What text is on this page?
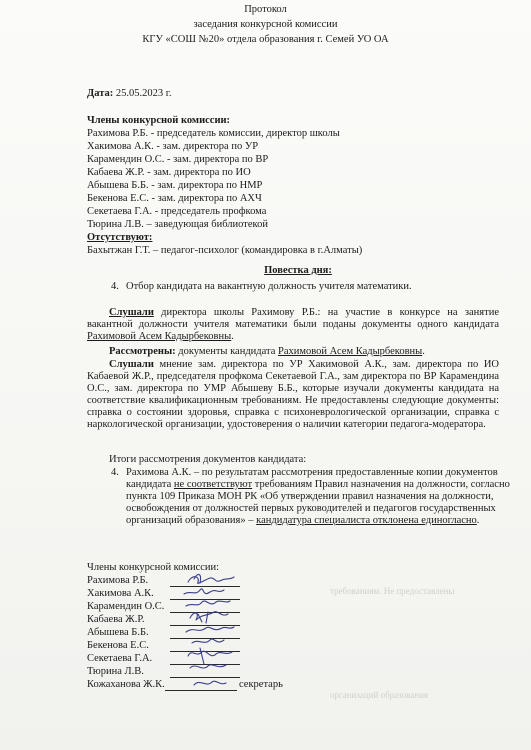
Протокол
заседания конкурсной комиссии
КГУ «СОШ №20» отдела образования г. Семей УО ОА
Дата: 25.05.2023 г.
Члены конкурсной комиссии:
Рахимова Р.Б. - председатель комиссии, директор школы
Хакимова А.К. - зам. директора по УР
Карамендин О.С. - зам. директора по ВР
Кабаева Ж.Р. - зам. директора по ИО
Абышева Б.Б. - зам. директора по НМР
Бекенова Е.С. - зам. директора по АХЧ
Секетаева Г.А. - председатель профкома
Тюрина Л.В. – заведующая библиотекой
Отсутствуют:
Бахытжан Г.Т. – педагог-психолог (командировка в г.Алматы)
Повестка дня:
4. Отбор кандидата на вакантную должность учителя математики.
Слушали директора школы Рахимову Р.Б.: на участие в конкурсе на занятие вакантной должности учителя математики были поданы документы одного кандидата Рахимовой Асем Кадырбековны.
Рассмотрены: документы кандидата Рахимовой Асем Кадырбековны.
Слушали мнение зам. директора по УР Хакимовой А.К., зам. директора по ИО Кабаевой Ж.Р., председателя профкома Секетаевой Г.А., зам директора по ВР Карамендина О.С., зам. директора по УМР Абышеву Б.Б., которые изучали документы кандидата на соответствие квалификационным требованиям. Не предоставлены следующие документы: справка о состоянии здоровья, справка с психоневрологической организации, справка с наркологической организации, удостоверения о наличии категории педагога-модератора.
Итоги рассмотрения документов кандидата:
4. Рахимова А.К. – по результатам рассмотрения предоставленные копии документов кандидата не соответствуют требованиям Правил назначения на должности, согласно пункта 109 Приказа МОН РК «Об утверждении правил назначения на должности, освобождения от должностей первых руководителей и педагогов государственных организаций образования» – кандидатура специалиста отклонена единогласно.
Члены конкурсной комиссии:
Рахимова Р.Б.
Хакимова А.К.
Карамендин О.С.
Кабаева Ж.Р.
Абышева Б.Б.
Бекенова Е.С.
Секетаева Г.А.
Тюрина Л.В.
Кожаханова Ж.К.	секретарь
требованиям. Не предоставлены
организаций образования
